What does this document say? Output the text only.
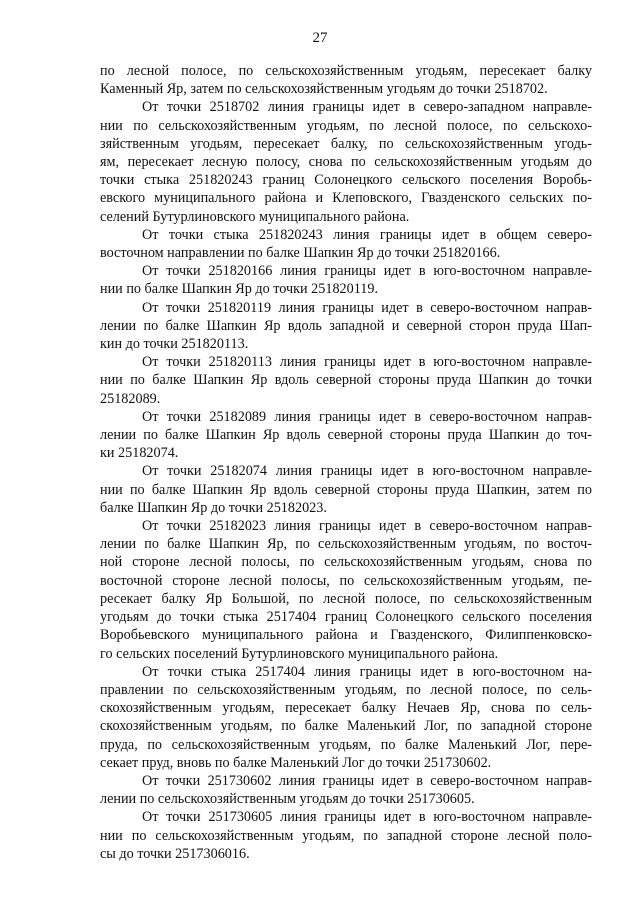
27
по лесной полосе, по сельскохозяйственным угодьям, пересекает балку
Каменный Яр, затем по сельскохозяйственным угодьям до точки 2518702.
От точки 2518702 линия границы идет в северо-западном направле-
нии по сельскохозяйственным угодьям, по лесной полосе, по сельскохо-
зяйственным угодьям, пересекает балку, по сельскохозяйственным угодь-
ям, пересекает лесную полосу, снова по сельскохозяйственным угодьям до
точки стыка 251820243 границ Солонецкого сельского поселения Воробь-
евского муниципального района и Клеповского, Гвазденского сельских по-
селений Бутурлиновского муниципального района.
От точки стыка 251820243 линия границы идет в общем северо-
восточном направлении по балке Шапкин Яр до точки 251820166.
От точки 251820166 линия границы идет в юго-восточном направле-
нии по балке Шапкин Яр до точки 251820119.
От точки 251820119 линия границы идет в северо-восточном направ-
лении по балке Шапкин Яр вдоль западной и северной сторон пруда Шап-
кин до точки 251820113.
От точки 251820113 линия границы идет в юго-восточном направле-
нии по балке Шапкин Яр вдоль северной стороны пруда Шапкин до точки
25182089.
От точки 25182089 линия границы идет в северо-восточном направ-
лении по балке Шапкин Яр вдоль северной стороны пруда Шапкин до точ-
ки 25182074.
От точки 25182074 линия границы идет в юго-восточном направле-
нии по балке Шапкин Яр вдоль северной стороны пруда Шапкин, затем по
балке Шапкин Яр до точки 25182023.
От точки 25182023 линия границы идет в северо-восточном направ-
лении по балке Шапкин Яр, по сельскохозяйственным угодьям, по восточ-
ной стороне лесной полосы, по сельскохозяйственным угодьям, снова по
восточной стороне лесной полосы, по сельскохозяйственным угодьям, пе-
ресекает балку Яр Большой, по лесной полосе, по сельскохозяйственным
угодьям до точки стыка 2517404 границ Солонецкого сельского поселения
Воробьевского муниципального района и Гвазденского, Филиппенковско-
го сельских поселений Бутурлиновского муниципального района.
От точки стыка 2517404 линия границы идет в юго-восточном на-
правлении по сельскохозяйственным угодьям, по лесной полосе, по сель-
скохозяйственным угодьям, пересекает балку Нечаев Яр, снова по сель-
скохозяйственным угодьям, по балке Маленький Лог, по западной стороне
пруда, по сельскохозяйственным угодьям, по балке Маленький Лог, пере-
секает пруд, вновь по балке Маленький Лог до точки 251730602.
От точки 251730602 линия границы идет в северо-восточном направ-
лении по сельскохозяйственным угодьям до точки 251730605.
От точки 251730605 линия границы идет в юго-восточном направле-
нии по сельскохозяйственным угодьям, по западной стороне лесной поло-
сы до точки 2517306016.
